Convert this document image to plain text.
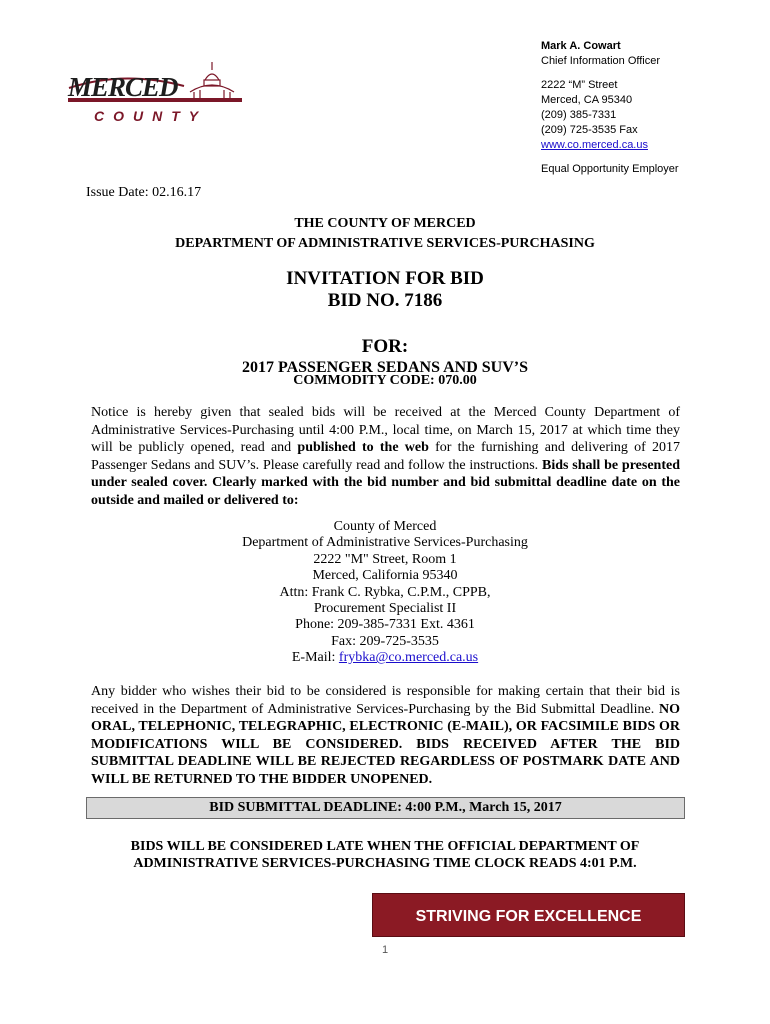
MERCED
COUNTY
Mark A. Cowart
Chief Information Officer
2222 “M” Street
Merced, CA 95340
(209) 385-7331
(209) 725-3535 Fax
www.co.merced.ca.us
Equal Opportunity Employer
Issue Date: 02.16.17
THE COUNTY OF MERCED
DEPARTMENT OF ADMINISTRATIVE SERVICES-PURCHASING
INVITATION FOR BID
BID NO. 7186
FOR:
2017 PASSENGER SEDANS AND SUV’S
COMMODITY CODE: 070.00
Notice is hereby given that sealed bids will be received at the Merced County Department of Administrative Services-Purchasing until 4:00 P.M., local time, on March 15, 2017 at which time they will be publicly opened, read and published to the web for the furnishing and delivering of 2017 Passenger Sedans and SUV’s. Please carefully read and follow the instructions. Bids shall be presented under sealed cover. Clearly marked with the bid number and bid submittal deadline date on the outside and mailed or delivered to:
County of Merced
Department of Administrative Services-Purchasing
2222 "M" Street, Room 1
Merced, California 95340
Attn: Frank C. Rybka, C.P.M., CPPB,
Procurement Specialist II
Phone: 209-385-7331 Ext. 4361
Fax: 209-725-3535
E-Mail: frybka@co.merced.ca.us
Any bidder who wishes their bid to be considered is responsible for making certain that their bid is received in the Department of Administrative Services-Purchasing by the Bid Submittal Deadline. NO ORAL, TELEPHONIC, TELEGRAPHIC, ELECTRONIC (E-MAIL), OR FACSIMILE BIDS OR MODIFICATIONS WILL BE CONSIDERED. BIDS RECEIVED AFTER THE BID SUBMITTAL DEADLINE WILL BE REJECTED REGARDLESS OF POSTMARK DATE AND WILL BE RETURNED TO THE BIDDER UNOPENED.
BID SUBMITTAL DEADLINE: 4:00 P.M., March 15, 2017
BIDS WILL BE CONSIDERED LATE WHEN THE OFFICIAL DEPARTMENT OF
ADMINISTRATIVE SERVICES-PURCHASING TIME CLOCK READS 4:01 P.M.
STRIVING FOR EXCELLENCE
1
